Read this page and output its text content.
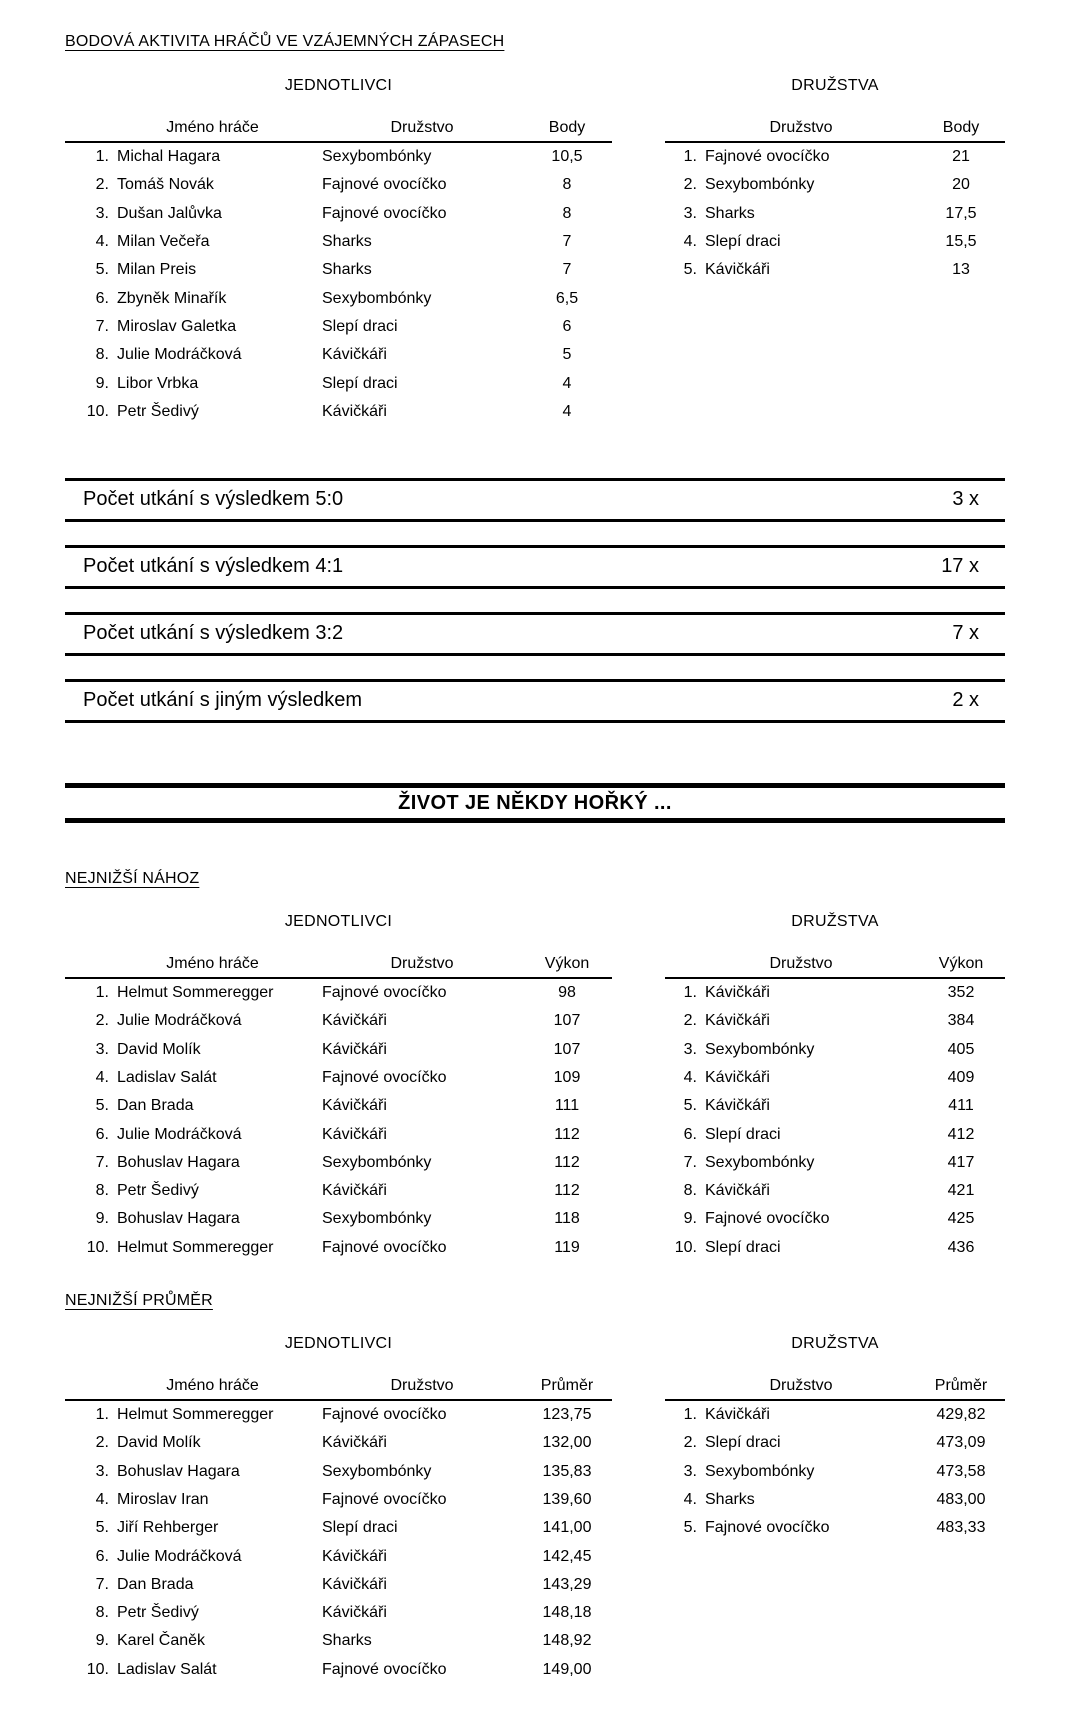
BODOVÁ AKTIVITA HRÁČŮ VE VZÁJEMNÝCH ZÁPASECH
JEDNOTLIVCI
Jméno hráče	Družstvo	Body
1. Michal Hagara	Sexybombónky	10,5
2. Tomáš Novák	Fajnové ovocíčko	8
3. Dušan Jalůvka	Fajnové ovocíčko	8
4. Milan Večeřa	Sharks	7
5. Milan Preis	Sharks	7
6. Zbyněk Minařík	Sexybombónky	6,5
7. Miroslav Galetka	Slepí draci	6
8. Julie Modráčková	Kávičkáři	5
9. Libor Vrbka	Slepí draci	4
10. Petr Šedivý	Kávičkáři	4
DRUŽSTVA
Družstvo	Body
1. Fajnové ovocíčko	21
2. Sexybombónky	20
3. Sharks	17,5
4. Slepí draci	15,5
5. Kávičkáři	13
Počet utkání s výsledkem 5:0	3 x
Počet utkání s výsledkem 4:1	17 x
Počet utkání s výsledkem 3:2	7 x
Počet utkání s jiným výsledkem	2 x
ŽIVOT JE NĚKDY HOŘKÝ ...
NEJNIŽŠÍ NÁHOZ
JEDNOTLIVCI
Jméno hráče	Družstvo	Výkon
1. Helmut Sommeregger	Fajnové ovocíčko	98
2. Julie Modráčková	Kávičkáři	107
3. David Molík	Kávičkáři	107
4. Ladislav Salát	Fajnové ovocíčko	109
5. Dan Brada	Kávičkáři	111
6. Julie Modráčková	Kávičkáři	112
7. Bohuslav Hagara	Sexybombónky	112
8. Petr Šedivý	Kávičkáři	112
9. Bohuslav Hagara	Sexybombónky	118
10. Helmut Sommeregger	Fajnové ovocíčko	119
DRUŽSTVA
Družstvo	Výkon
1. Kávičkáři	352
2. Kávičkáři	384
3. Sexybombónky	405
4. Kávičkáři	409
5. Kávičkáři	411
6. Slepí draci	412
7. Sexybombónky	417
8. Kávičkáři	421
9. Fajnové ovocíčko	425
10. Slepí draci	436
NEJNIŽŠÍ PRŮMĚR
JEDNOTLIVCI
Jméno hráče	Družstvo	Průměr
1. Helmut Sommeregger	Fajnové ovocíčko	123,75
2. David Molík	Kávičkáři	132,00
3. Bohuslav Hagara	Sexybombónky	135,83
4. Miroslav Iran	Fajnové ovocíčko	139,60
5. Jiří Rehberger	Slepí draci	141,00
6. Julie Modráčková	Kávičkáři	142,45
7. Dan Brada	Kávičkáři	143,29
8. Petr Šedivý	Kávičkáři	148,18
9. Karel Čaněk	Sharks	148,92
10. Ladislav Salát	Fajnové ovocíčko	149,00
DRUŽSTVA
Družstvo	Průměr
1. Kávičkáři	429,82
2. Slepí draci	473,09
3. Sexybombónky	473,58
4. Sharks	483,00
5. Fajnové ovocíčko	483,33
